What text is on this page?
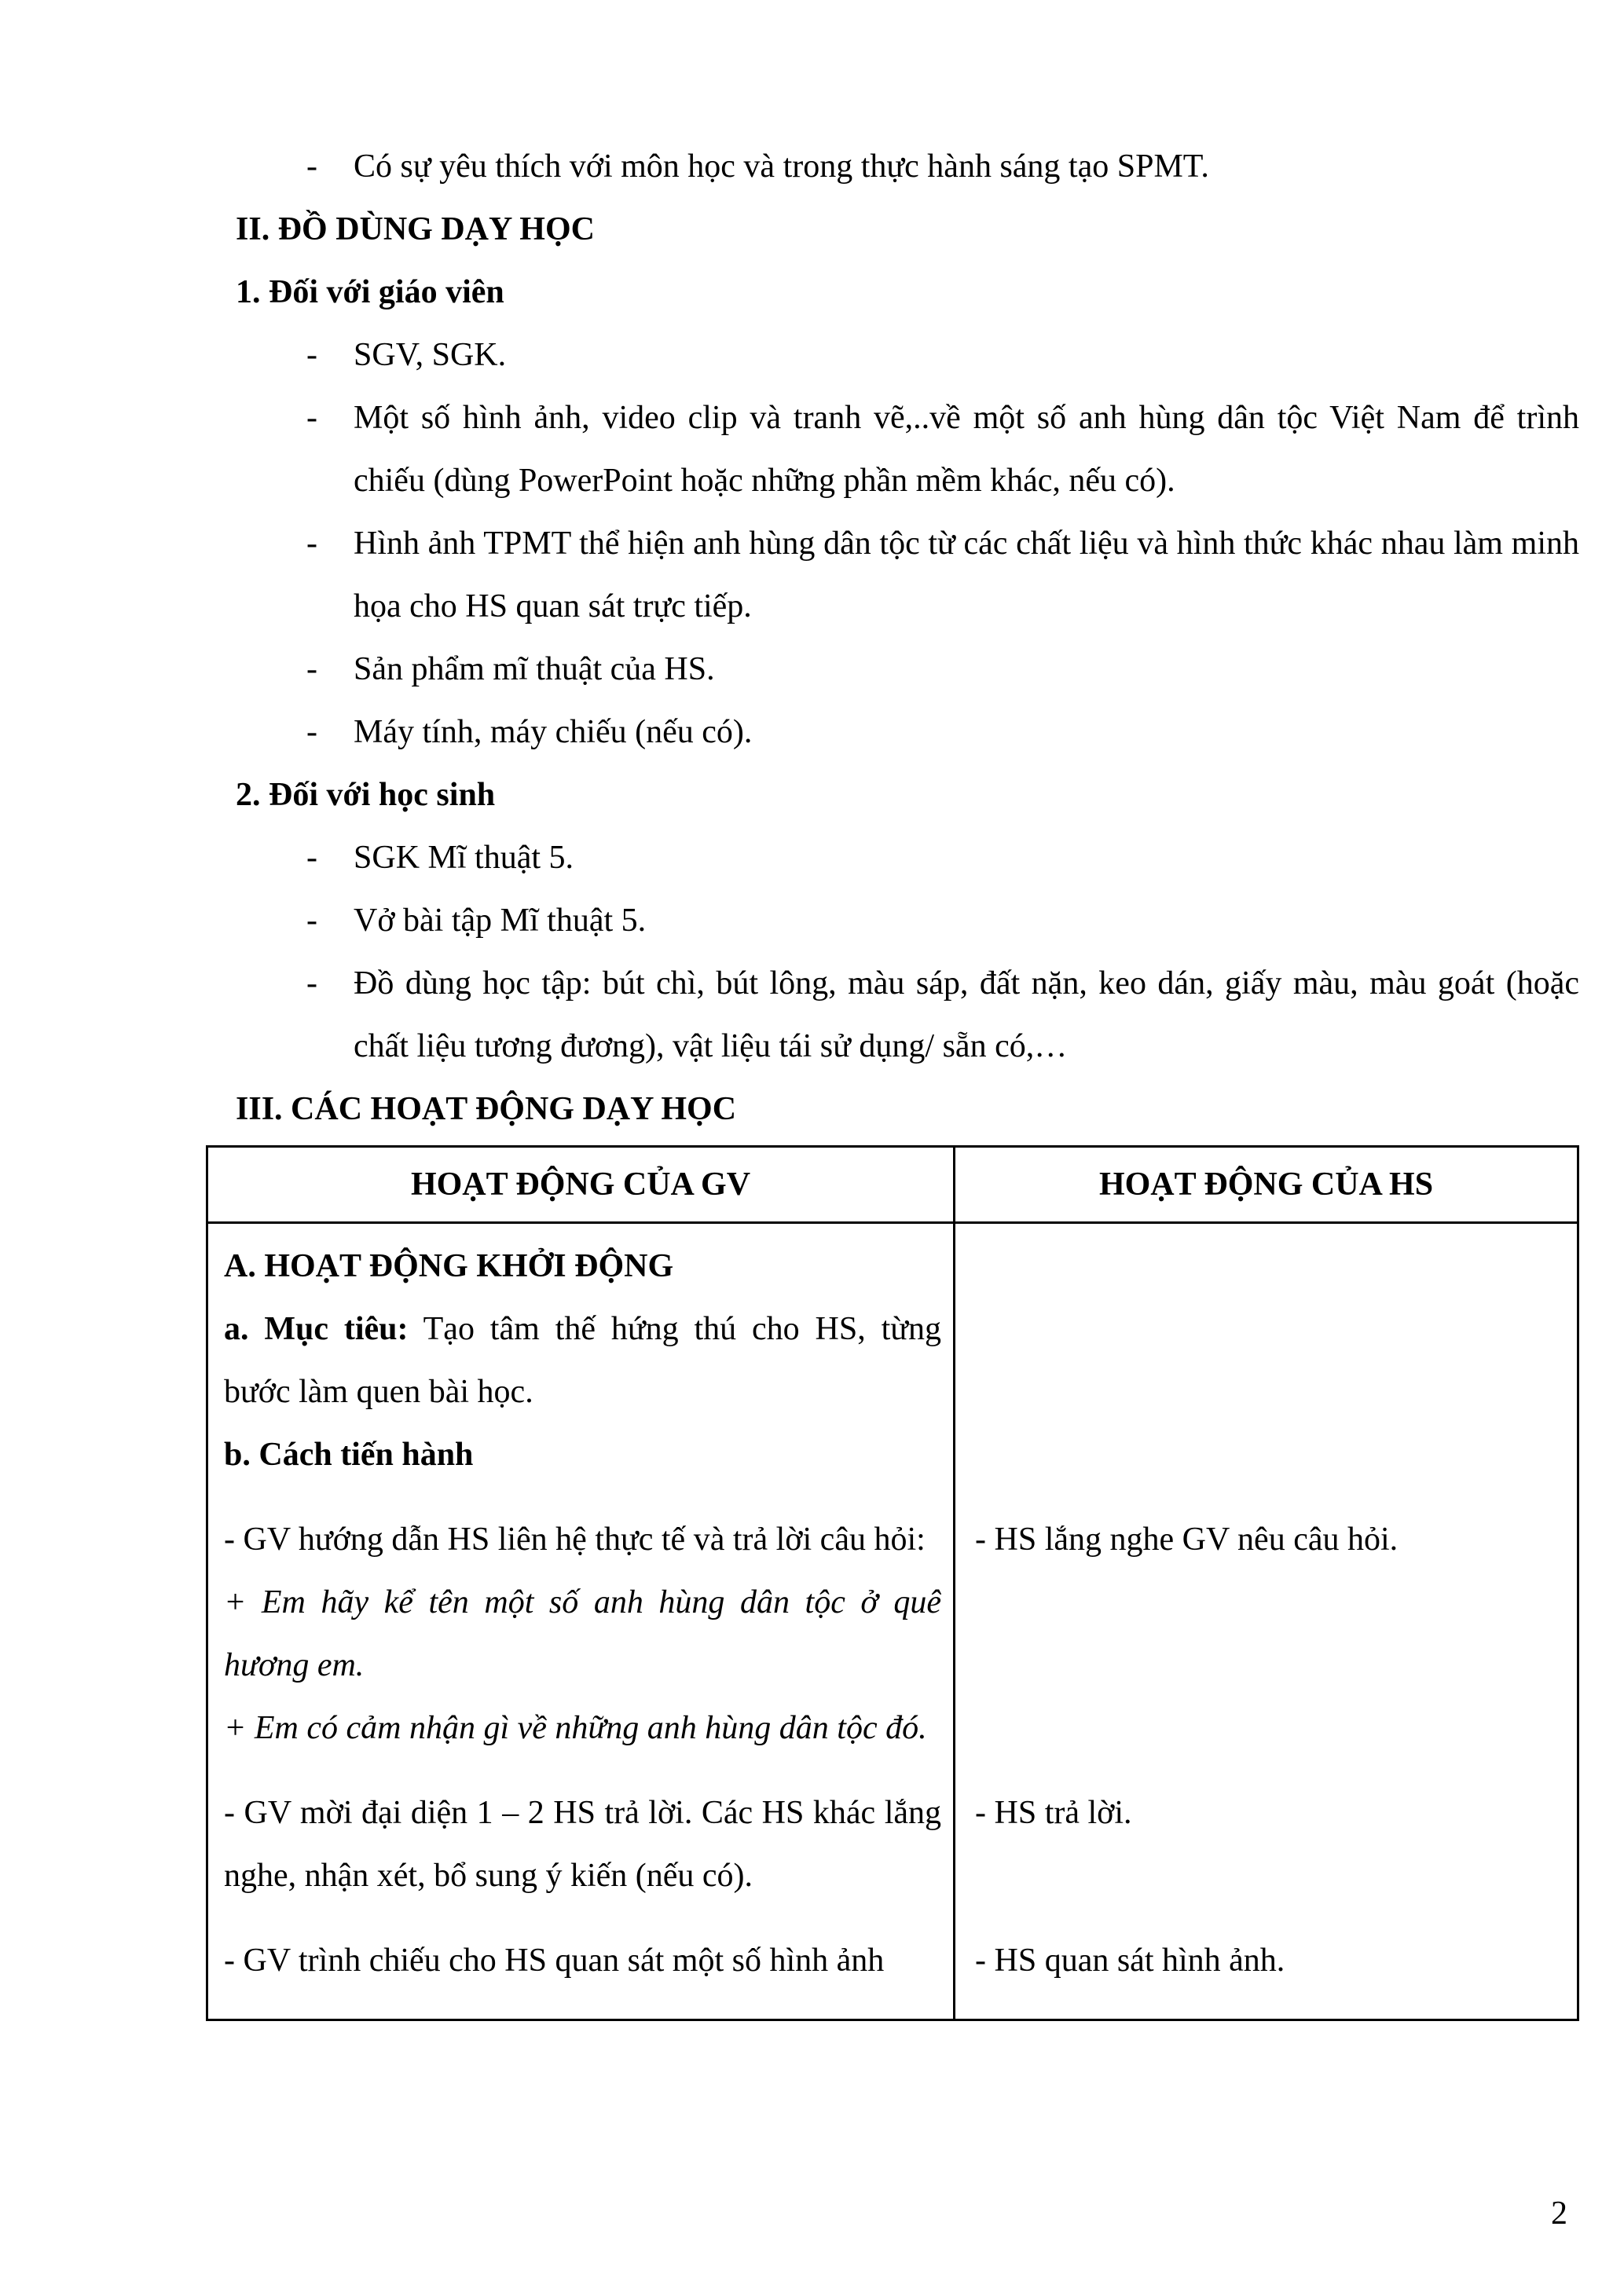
-	Có sự yêu thích với môn học và trong thực hành sáng tạo SPMT.
II. ĐỒ DÙNG DẠY HỌC
1. Đối với giáo viên
-	SGV, SGK.
-	Một số hình ảnh, video clip và tranh vẽ,..về một số anh hùng dân tộc Việt Nam để trình chiếu (dùng PowerPoint hoặc những phần mềm khác, nếu có).
-	Hình ảnh TPMT thể hiện anh hùng dân tộc từ các chất liệu và hình thức khác nhau làm minh họa cho HS quan sát trực tiếp.
-	Sản phẩm mĩ thuật của HS.
-	Máy tính, máy chiếu (nếu có).
2. Đối với học sinh
-	SGK Mĩ thuật 5.
-	Vở bài tập Mĩ thuật 5.
-	Đồ dùng học tập: bút chì, bút lông, màu sáp, đất nặn, keo dán, giấy màu, màu goát (hoặc chất liệu tương đương), vật liệu tái sử dụng/ sẵn có,…
III. CÁC HOẠT ĐỘNG DẠY HỌC
HOẠT ĐỘNG CỦA GV	HOẠT ĐỘNG CỦA HS

A. HOẠT ĐỘNG KHỞI ĐỘNG

a. Mục tiêu: Tạo tâm thế hứng thú cho HS, từng bước làm quen bài học.

b. Cách tiến hành	

- GV hướng dẫn HS liên hệ thực tế và trả lời câu hỏi:

+ Em hãy kể tên một số anh hùng dân tộc ở quê hương em.

+ Em có cảm nhận gì về những anh hùng dân tộc đó.	- HS lắng nghe GV nêu câu hỏi.

- GV mời đại diện 1 – 2 HS trả lời. Các HS khác lắng nghe, nhận xét, bổ sung ý kiến (nếu có).	- HS trả lời.

- GV trình chiếu cho HS quan sát một số hình ảnh	- HS quan sát hình ảnh.

2
